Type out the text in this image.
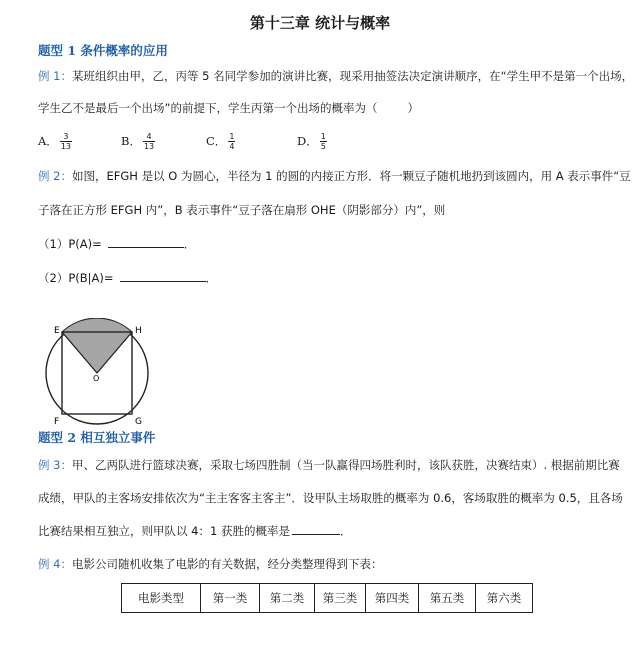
第十三章 统计与概率
题型 1 条件概率的应用
例 1：某班组织由甲，乙，丙等 5 名同学参加的演讲比赛，现采用抽签法决定演讲顺序，在“学生甲不是第一个出场，
学生乙不是最后一个出场”的前提下，学生丙第一个出场的概率为（	）
A． $\frac{3}{13}$	B． $\frac{4}{13}$	C． $\frac{1}{4}$	D． $\frac{1}{5}$
例 2：如图，EFGH 是以 O 为圆心，半径为 1 的圆的内接正方形．将一颗豆子随机地扔到该圆内，用 A 表示事件“豆
子落在正方形 EFGH 内”，B 表示事件“豆子落在扇形 OHE（阴影部分）内”，则
（1）P(A)=	．
（2）P(B|A)=	．
E	H
F	G
O
题型 2 相互独立事件
例 3：甲、乙两队进行篮球决赛，采取七场四胜制（当一队赢得四场胜利时，该队获胜，决赛结束）. 根据前期比赛
成绩，甲队的主客场安排依次为“主主客客主客主”．设甲队主场取胜的概率为 0.6，客场取胜的概率为 0.5，且各场
比赛结果相互独立，则甲队以 4：1 获胜的概率是	．
例 4：电影公司随机收集了电影的有关数据，经分类整理得到下表：
电影类型	第一类	第二类	第三类	第四类	第五类	第六类
